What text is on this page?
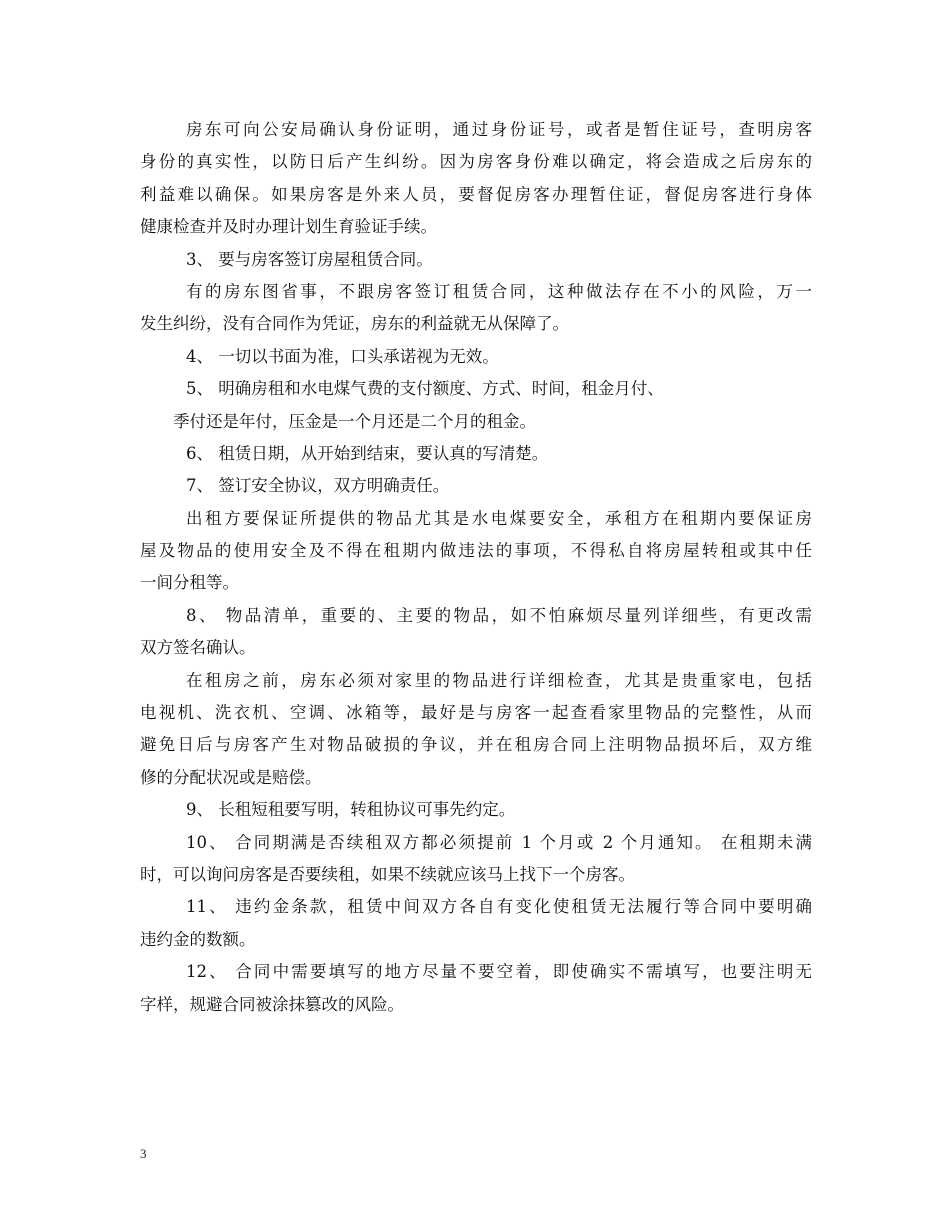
房东可向公安局确认身份证明，通过身份证号，或者是暂住证号，查明房客
身份的真实性，以防日后产生纠纷。因为房客身份难以确定，将会造成之后房东的
利益难以确保。如果房客是外来人员，要督促房客办理暂住证，督促房客进行身体
健康检查并及时办理计划生育验证手续。
3、 要与房客签订房屋租赁合同。
有的房东图省事，不跟房客签订租赁合同，这种做法存在不小的风险，万一
发生纠纷，没有合同作为凭证，房东的利益就无从保障了。
4、 一切以书面为准，口头承诺视为无效。
5、 明确房租和水电煤气费的支付额度、方式、时间，租金月付、
季付还是年付，压金是一个月还是二个月的租金。
6、 租赁日期，从开始到结束，要认真的写清楚。
7、 签订安全协议，双方明确责任。
出租方要保证所提供的物品尤其是水电煤要安全，承租方在租期内要保证房
屋及物品的使用安全及不得在租期内做违法的事项，不得私自将房屋转租或其中任
一间分租等。
8、 物品清单，重要的、主要的物品，如不怕麻烦尽量列详细些，有更改需
双方签名确认。
在租房之前，房东必须对家里的物品进行详细检查，尤其是贵重家电，包括
电视机、洗衣机、空调、冰箱等，最好是与房客一起查看家里物品的完整性，从而
避免日后与房客产生对物品破损的争议，并在租房合同上注明物品损坏后，双方维
修的分配状况或是赔偿。
9、 长租短租要写明，转租协议可事先约定。
10、 合同期满是否续租双方都必须提前 1 个月或 2 个月通知。 在租期未满
时，可以询问房客是否要续租，如果不续就应该马上找下一个房客。
11、 违约金条款，租赁中间双方各自有变化使租赁无法履行等合同中要明确
违约金的数额。
12、 合同中需要填写的地方尽量不要空着，即使确实不需填写，也要注明无
字样，规避合同被涂抹篡改的风险。
3
